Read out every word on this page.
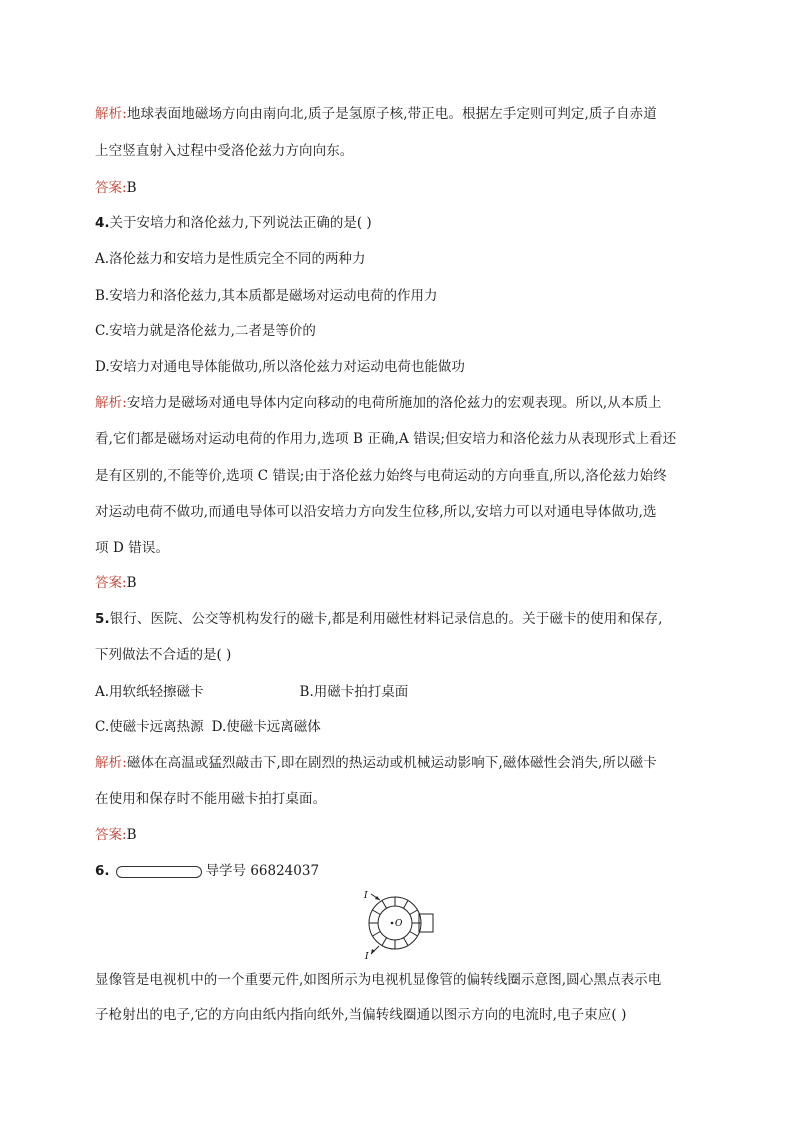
解析:地球表面地磁场方向由南向北,质子是氢原子核,带正电。根据左手定则可判定,质子自赤道
上空竖直射入过程中受洛伦兹力方向向东。
答案:B
4.关于安培力和洛伦兹力,下列说法正确的是( )
A.洛伦兹力和安培力是性质完全不同的两种力
B.安培力和洛伦兹力,其本质都是磁场对运动电荷的作用力
C.安培力就是洛伦兹力,二者是等价的
D.安培力对通电导体能做功,所以洛伦兹力对运动电荷也能做功
解析:安培力是磁场对通电导体内定向移动的电荷所施加的洛伦兹力的宏观表现。所以,从本质上
看,它们都是磁场对运动电荷的作用力,选项 B 正确,A 错误;但安培力和洛伦兹力从表现形式上看还
是有区别的,不能等价,选项 C 错误;由于洛伦兹力始终与电荷运动的方向垂直,所以,洛伦兹力始终
对运动电荷不做功,而通电导体可以沿安培力方向发生位移,所以,安培力可以对通电导体做功,选
项 D 错误。
答案:B
5.银行、医院、公交等机构发行的磁卡,都是利用磁性材料记录信息的。关于磁卡的使用和保存,
下列做法不合适的是( )
A.用软纸轻擦磁卡	B.用磁卡拍打桌面
C.使磁卡远离热源 D.使磁卡远离磁体
解析:磁体在高温或猛烈敲击下,即在剧烈的热运动或机械运动影响下,磁体磁性会消失,所以磁卡
在使用和保存时不能用磁卡拍打桌面。
答案:B
6.	导学号 66824037
I
I
O
显像管是电视机中的一个重要元件,如图所示为电视机显像管的偏转线圈示意图,圆心黑点表示电
子枪射出的电子,它的方向由纸内指向纸外,当偏转线圈通以图示方向的电流时,电子束应( )
